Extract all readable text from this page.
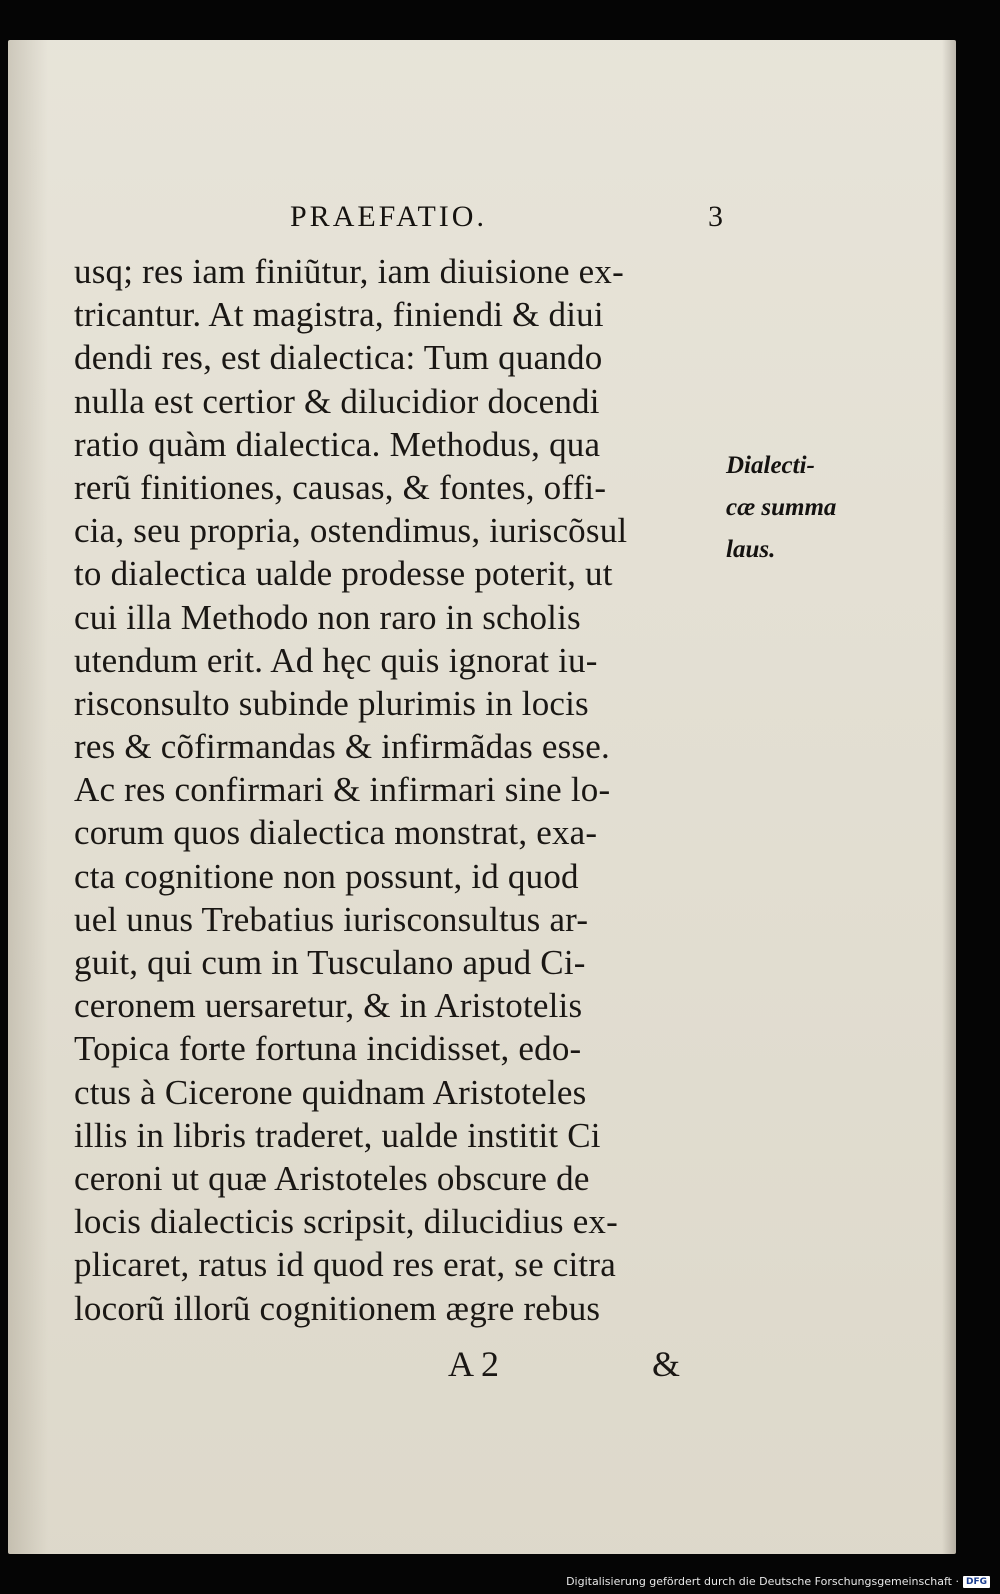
PRAEFATIO.	3
usq; res iam finiũtur, iam diuisione ex-
tricantur. At magistra, finiendi & diui
dendi res, est dialectica: Tum quando
nulla est certior & dilucidior docendi
ratio quàm dialectica. Methodus, qua
rerũ finitiones, causas, & fontes, offi-
cia, seu propria, ostendimus, iuriscõsul
to dialectica ualde prodesse poterit, ut
cui illa Methodo non raro in scholis
utendum erit. Ad hęc quis ignorat iu-
risconsulto subinde plurimis in locis
res & cõfirmandas & infirmãdas esse.
Ac res confirmari & infirmari sine lo-
corum quos dialectica monstrat, exa-
cta cognitione non possunt, id quod
uel unus Trebatius iurisconsultus ar-
guit, qui cum in Tusculano apud Ci-
ceronem uersaretur, & in Aristotelis
Topica forte fortuna incidisset, edo-
ctus à Cicerone quidnam Aristoteles
illis in libris traderet, ualde institit Ci
ceroni ut quæ Aristoteles obscure de
locis dialecticis scripsit, dilucidius ex-
plicaret, ratus id quod res erat, se citra
locorũ illorũ cognitionem ægre rebus
Dialecti-
cæ summa
laus.
A 2	&
Digitalisierung gefördert durch die Deutsche Forschungsgemeinschaft · DFG
